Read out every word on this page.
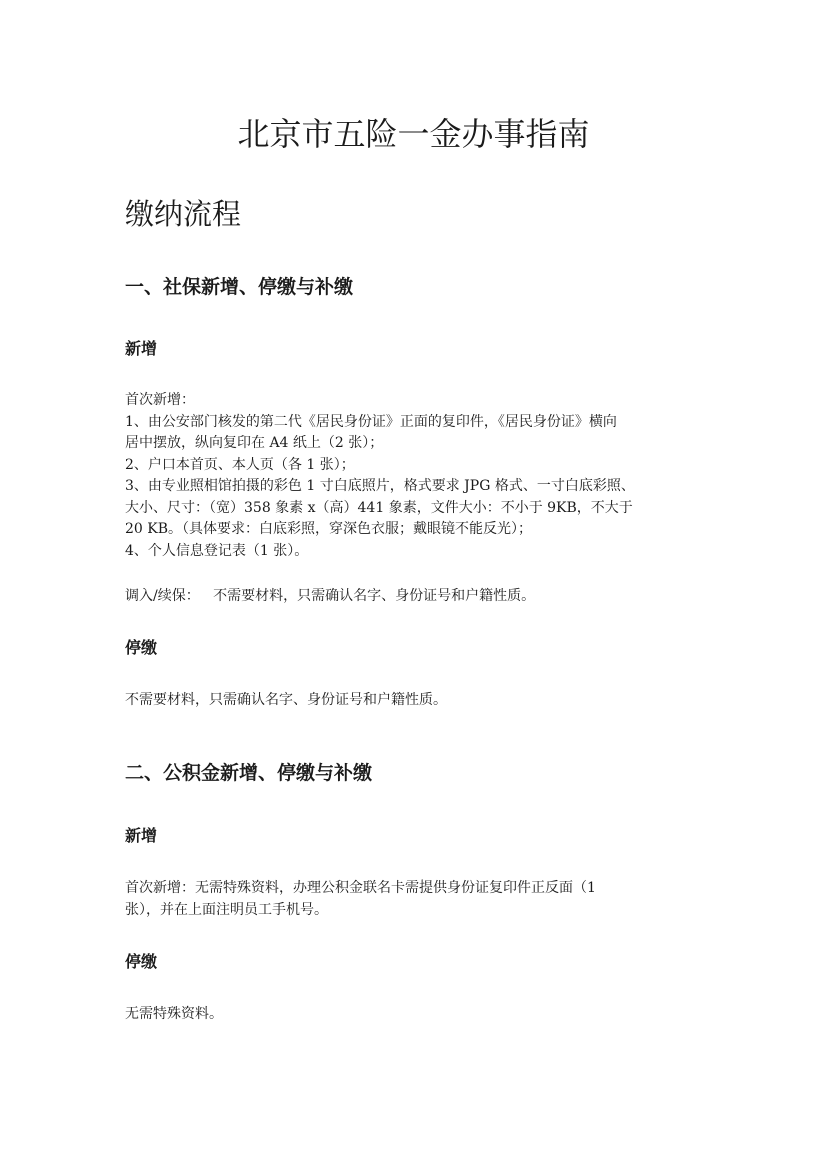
北京市五险一金办事指南
缴纳流程
一、社保新增、停缴与补缴
新增
首次新增：
1、由公安部门核发的第二代《居民身份证》正面的复印件，《居民身份证》横向
居中摆放，纵向复印在 A4 纸上（2 张）；
2、户口本首页、本人页（各 1 张）；
3、由专业照相馆拍摄的彩色 1 寸白底照片，格式要求 JPG 格式、一寸白底彩照、
大小、尺寸：（宽）358 象素 x（高）441 象素，文件大小：不小于 9KB，不大于
20 KB。（具体要求：白底彩照，穿深色衣服；戴眼镜不能反光）；
4、个人信息登记表（1 张）。

调入/续保：   不需要材料，只需确认名字、身份证号和户籍性质。

停缴

不需要材料，只需确认名字、身份证号和户籍性质。

二、公积金新增、停缴与补缴
新增
首次新增：无需特殊资料，办理公积金联名卡需提供身份证复印件正反面（1
张），并在上面注明员工手机号。
停缴

无需特殊资料。
